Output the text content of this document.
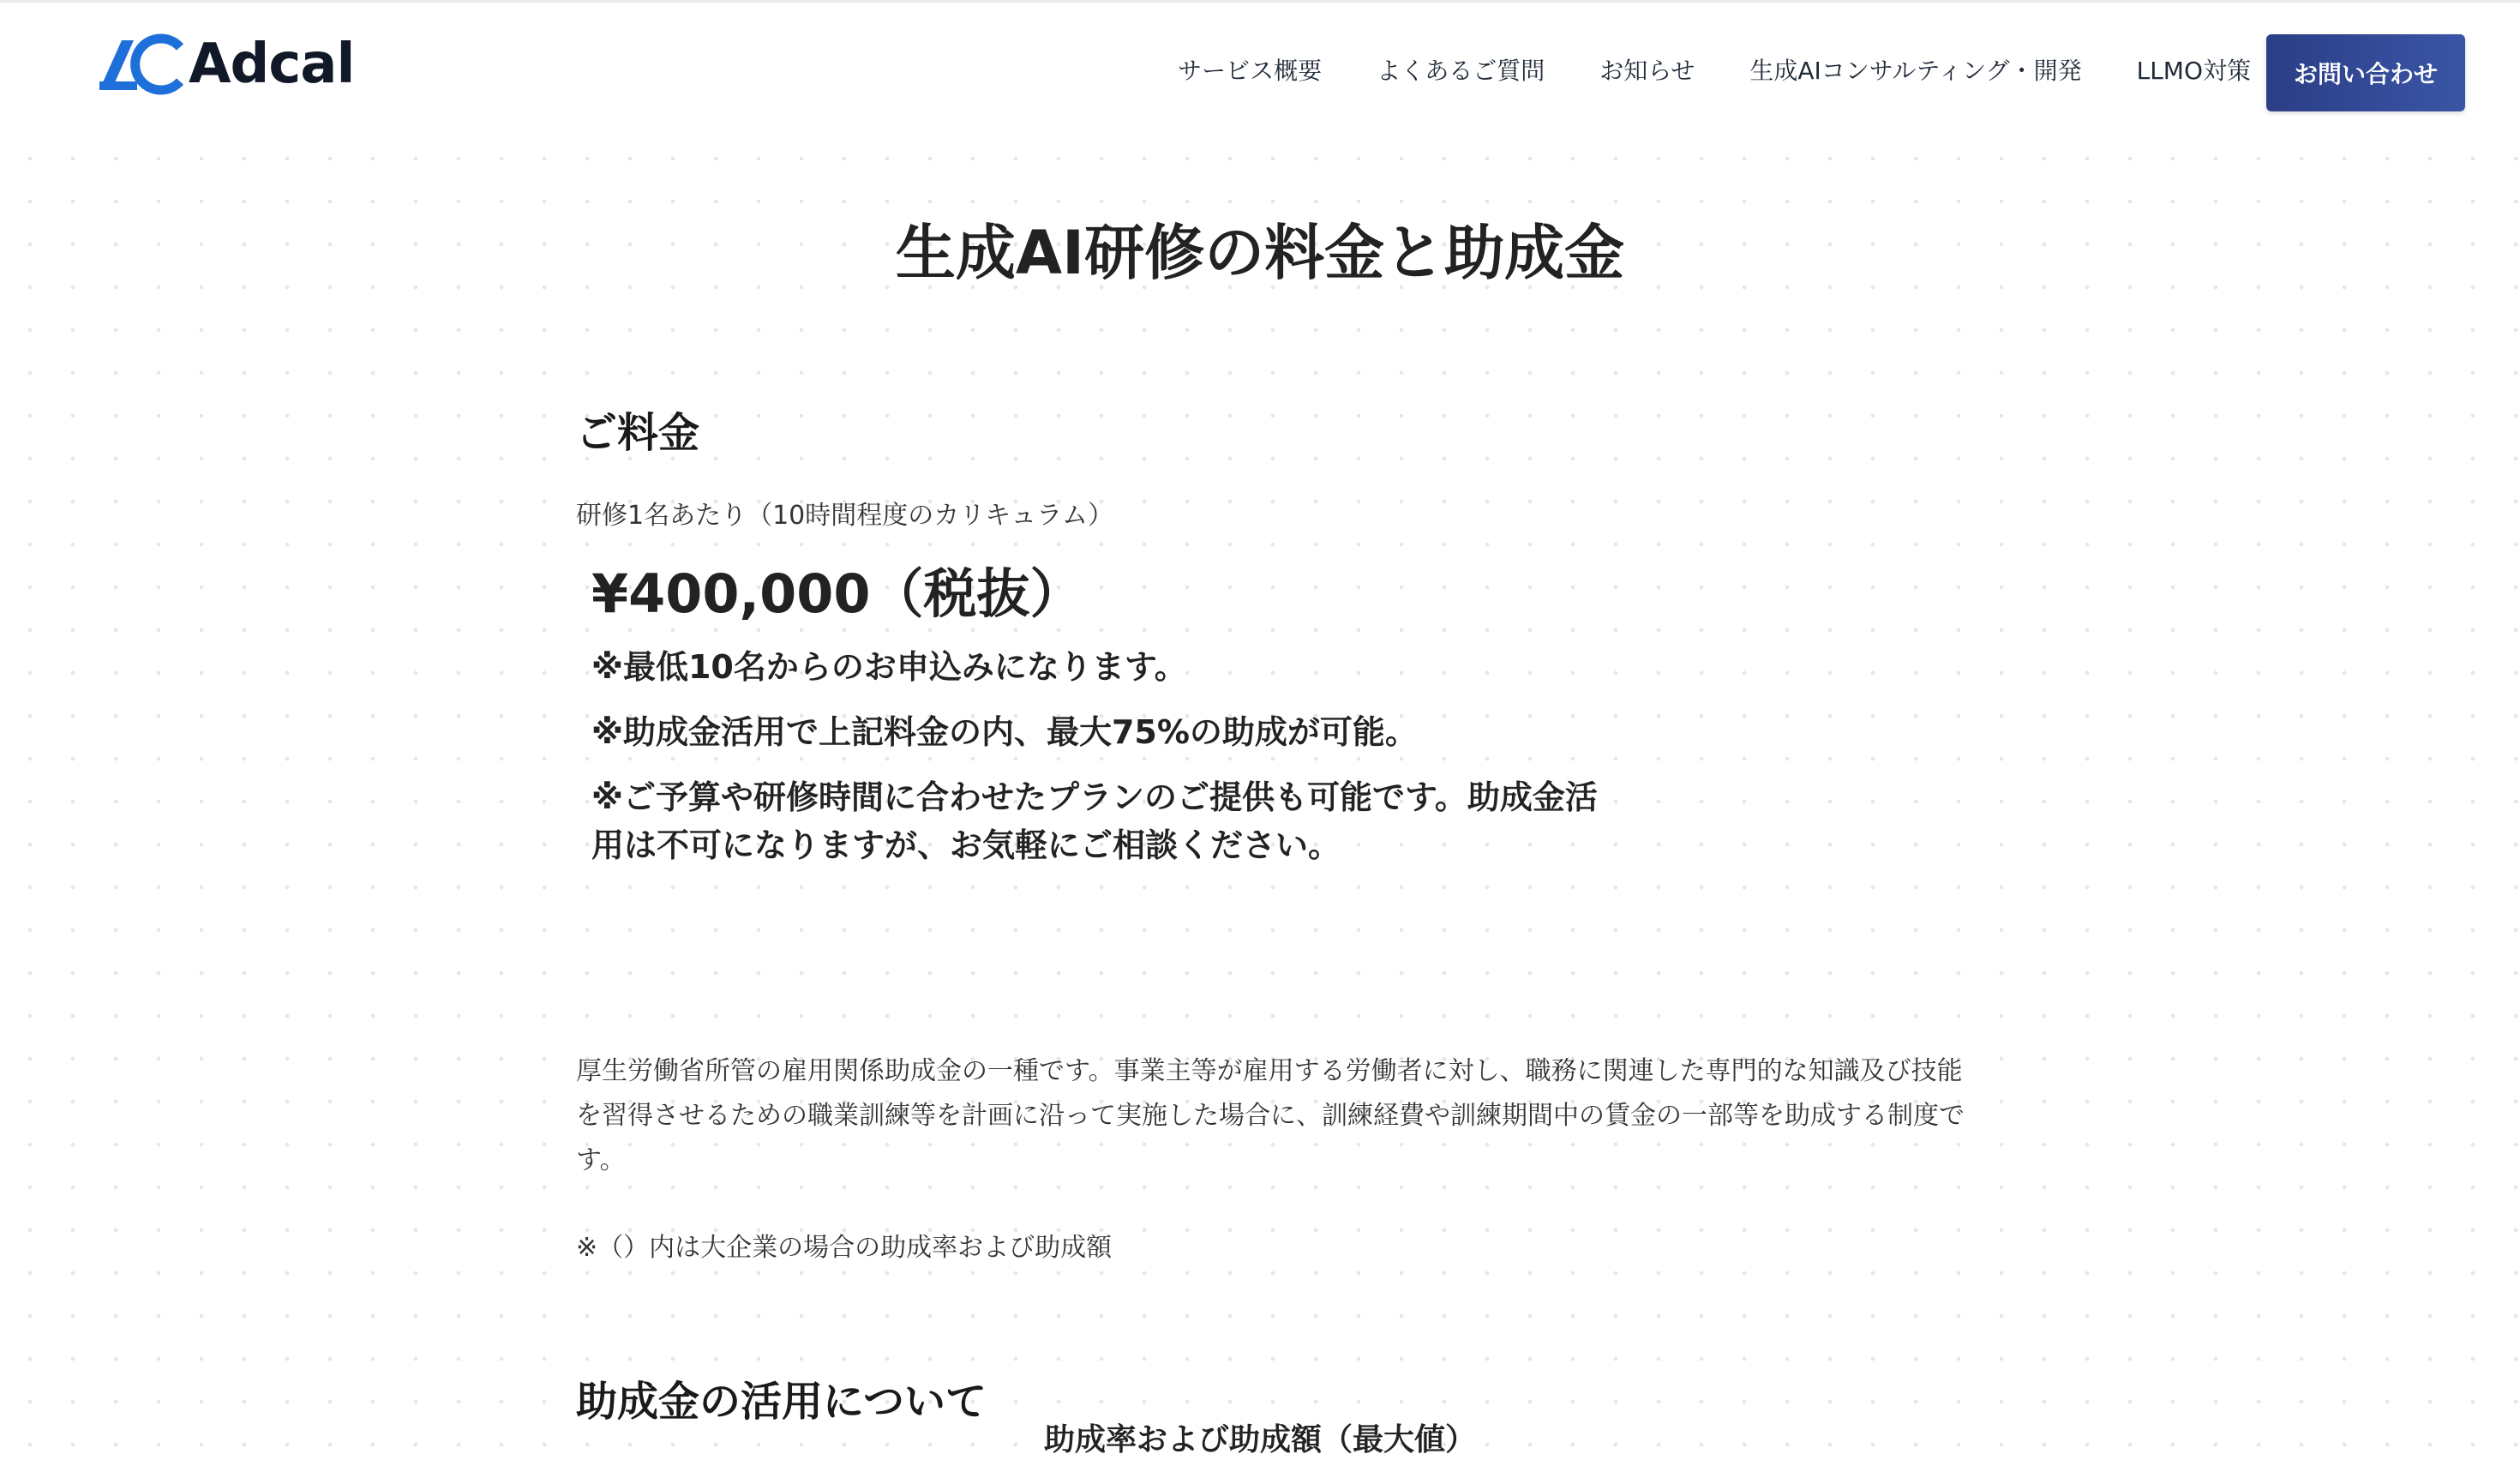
Adcal	サービス概要 よくあるご質問 お知らせ 生成AIコンサルティング・開発 LLMO対策	お問い合わせ
生成AI研修の料金と助成金
ご料金
研修1名あたり（10時間程度のカリキュラム）
¥400,000（税抜）
※最低10名からのお申込みになります。
※助成金活用で上記料金の内、最大75%の助成が可能。
※ご予算や研修時間に合わせたプランのご提供も可能です。助成金活用は不可になりますが、お気軽にご相談ください。
助成金の活用について

厚生労働省所管の雇用関係助成金の一種です。事業主等が雇用する労働者に対し、職務に関連した専門的な知識及び技能を習得させるための職業訓練等を計画に沿って実施した場合に、訓練経費や訓練期間中の賃金の一部等を助成する制度です。

※（）内は大企業の場合の助成率および助成額
助成率および助成額（最大値）
